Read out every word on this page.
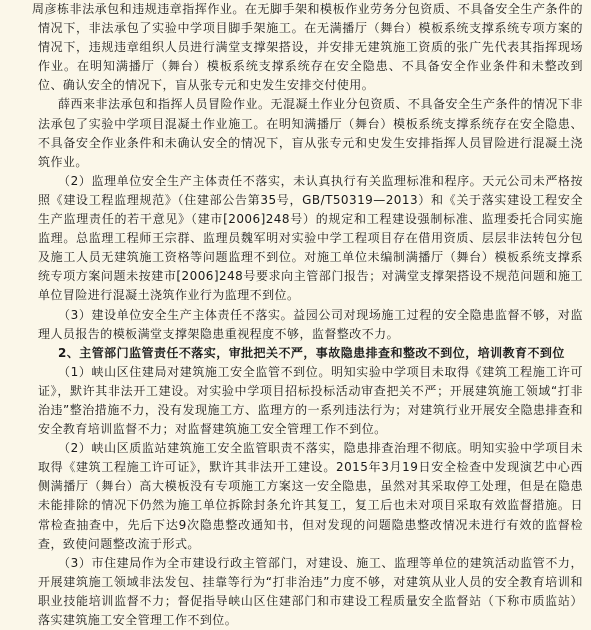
周彦栋非法承包和违规违章指挥作业。在无脚手架和模板作业劳务分包资质、不具备安全生产条件的情况下，非法承包了实验中学项目脚手架施工。在无满播厅（舞台）模板系统支撑系统专项方案的情况下，违规违章组织人员进行满堂支撑架搭设，并安排无建筑施工资质的张广先代表其指挥现场作业。在明知满播厅（舞台）模板系统支撑系统存在安全隐患、不具备安全作业条件和未整改到位、确认安全的情况下，盲从张专元和史发生安排交付使用。

薛西来非法承包和指挥人员冒险作业。无混凝土作业分包资质、不具备安全生产条件的情况下非法承包了实验中学项目混凝土作业施工。在明知满播厅（舞台）模板系统支撑系统存在安全隐患、不具备安全作业条件和未确认安全的情况下，盲从张专元和史发生安排指挥人员冒险进行混凝土浇筑作业。

（2）监理单位安全生产主体责任不落实，未认真执行有关监理标准和程序。天元公司未严格按照《建设工程监理规范》（住建部公告第35号，GB/T50319—2013）和《关于落实建设工程安全生产监理责任的若干意见》（建市[2006]248号）的规定和工程建设强制标准、监理委托合同实施监理。总监理工程师王宗群、监理员魏军明对实验中学工程项目存在借用资质、层层非法转包分包及施工人员无建筑施工资格等问题监理不到位。对施工单位未编制满播厅（舞台）模板系统支撑系统专项方案问题未按建市[2006]248号要求向主管部门报告；对满堂支撑架搭设不规范问题和施工单位冒险进行混凝土浇筑作业行为监理不到位。

（3）建设单位安全生产主体责任不落实。益园公司对现场施工过程的安全隐患监督不够，对监理人员报告的模板满堂支撑架隐患重视程度不够，监督整改不力。

2、主管部门监管责任不落实，审批把关不严，事故隐患排查和整改不到位，培训教育不到位

（1）峡山区住建局对建筑施工安全监管不到位。明知实验中学项目未取得《建筑工程施工许可证》，默许其非法开工建设。对实验中学项目招标投标活动审查把关不严；开展建筑施工领域“打非治违”整治措施不力，没有发现施工方、监理方的一系列违法行为；对建筑行业开展安全隐患排查和安全教育培训监督不力；对监督建筑施工安全管理工作不到位。

（2）峡山区质监站建筑施工安全监管职责不落实，隐患排查治理不彻底。明知实验中学项目未取得《建筑工程施工许可证》，默许其非法开工建设。2015年3月19日安全检查中发现演艺中心西侧满播厅（舞台）高大模板没有专项施工方案这一安全隐患，虽然对其采取停工处理，但是在隐患未能排除的情况下仍然为施工单位拆除封条允许其复工，复工后也未对项目采取有效监督措施。日常检查抽查中，先后下达9次隐患整改通知书，但对发现的问题隐患整改情况未进行有效的监督检查，致使问题整改流于形式。

（3）市住建局作为全市建设行政主管部门，对建设、施工、监理等单位的建筑活动监管不力，开展建筑施工领域非法发包、挂靠等行为“打非治违”力度不够，对建筑从业人员的安全教育培训和职业技能培训监督不力；督促指导峡山区住建部门和市建设工程质量安全监督站（下称市质监站）落实建筑施工安全管理工作不到位。
